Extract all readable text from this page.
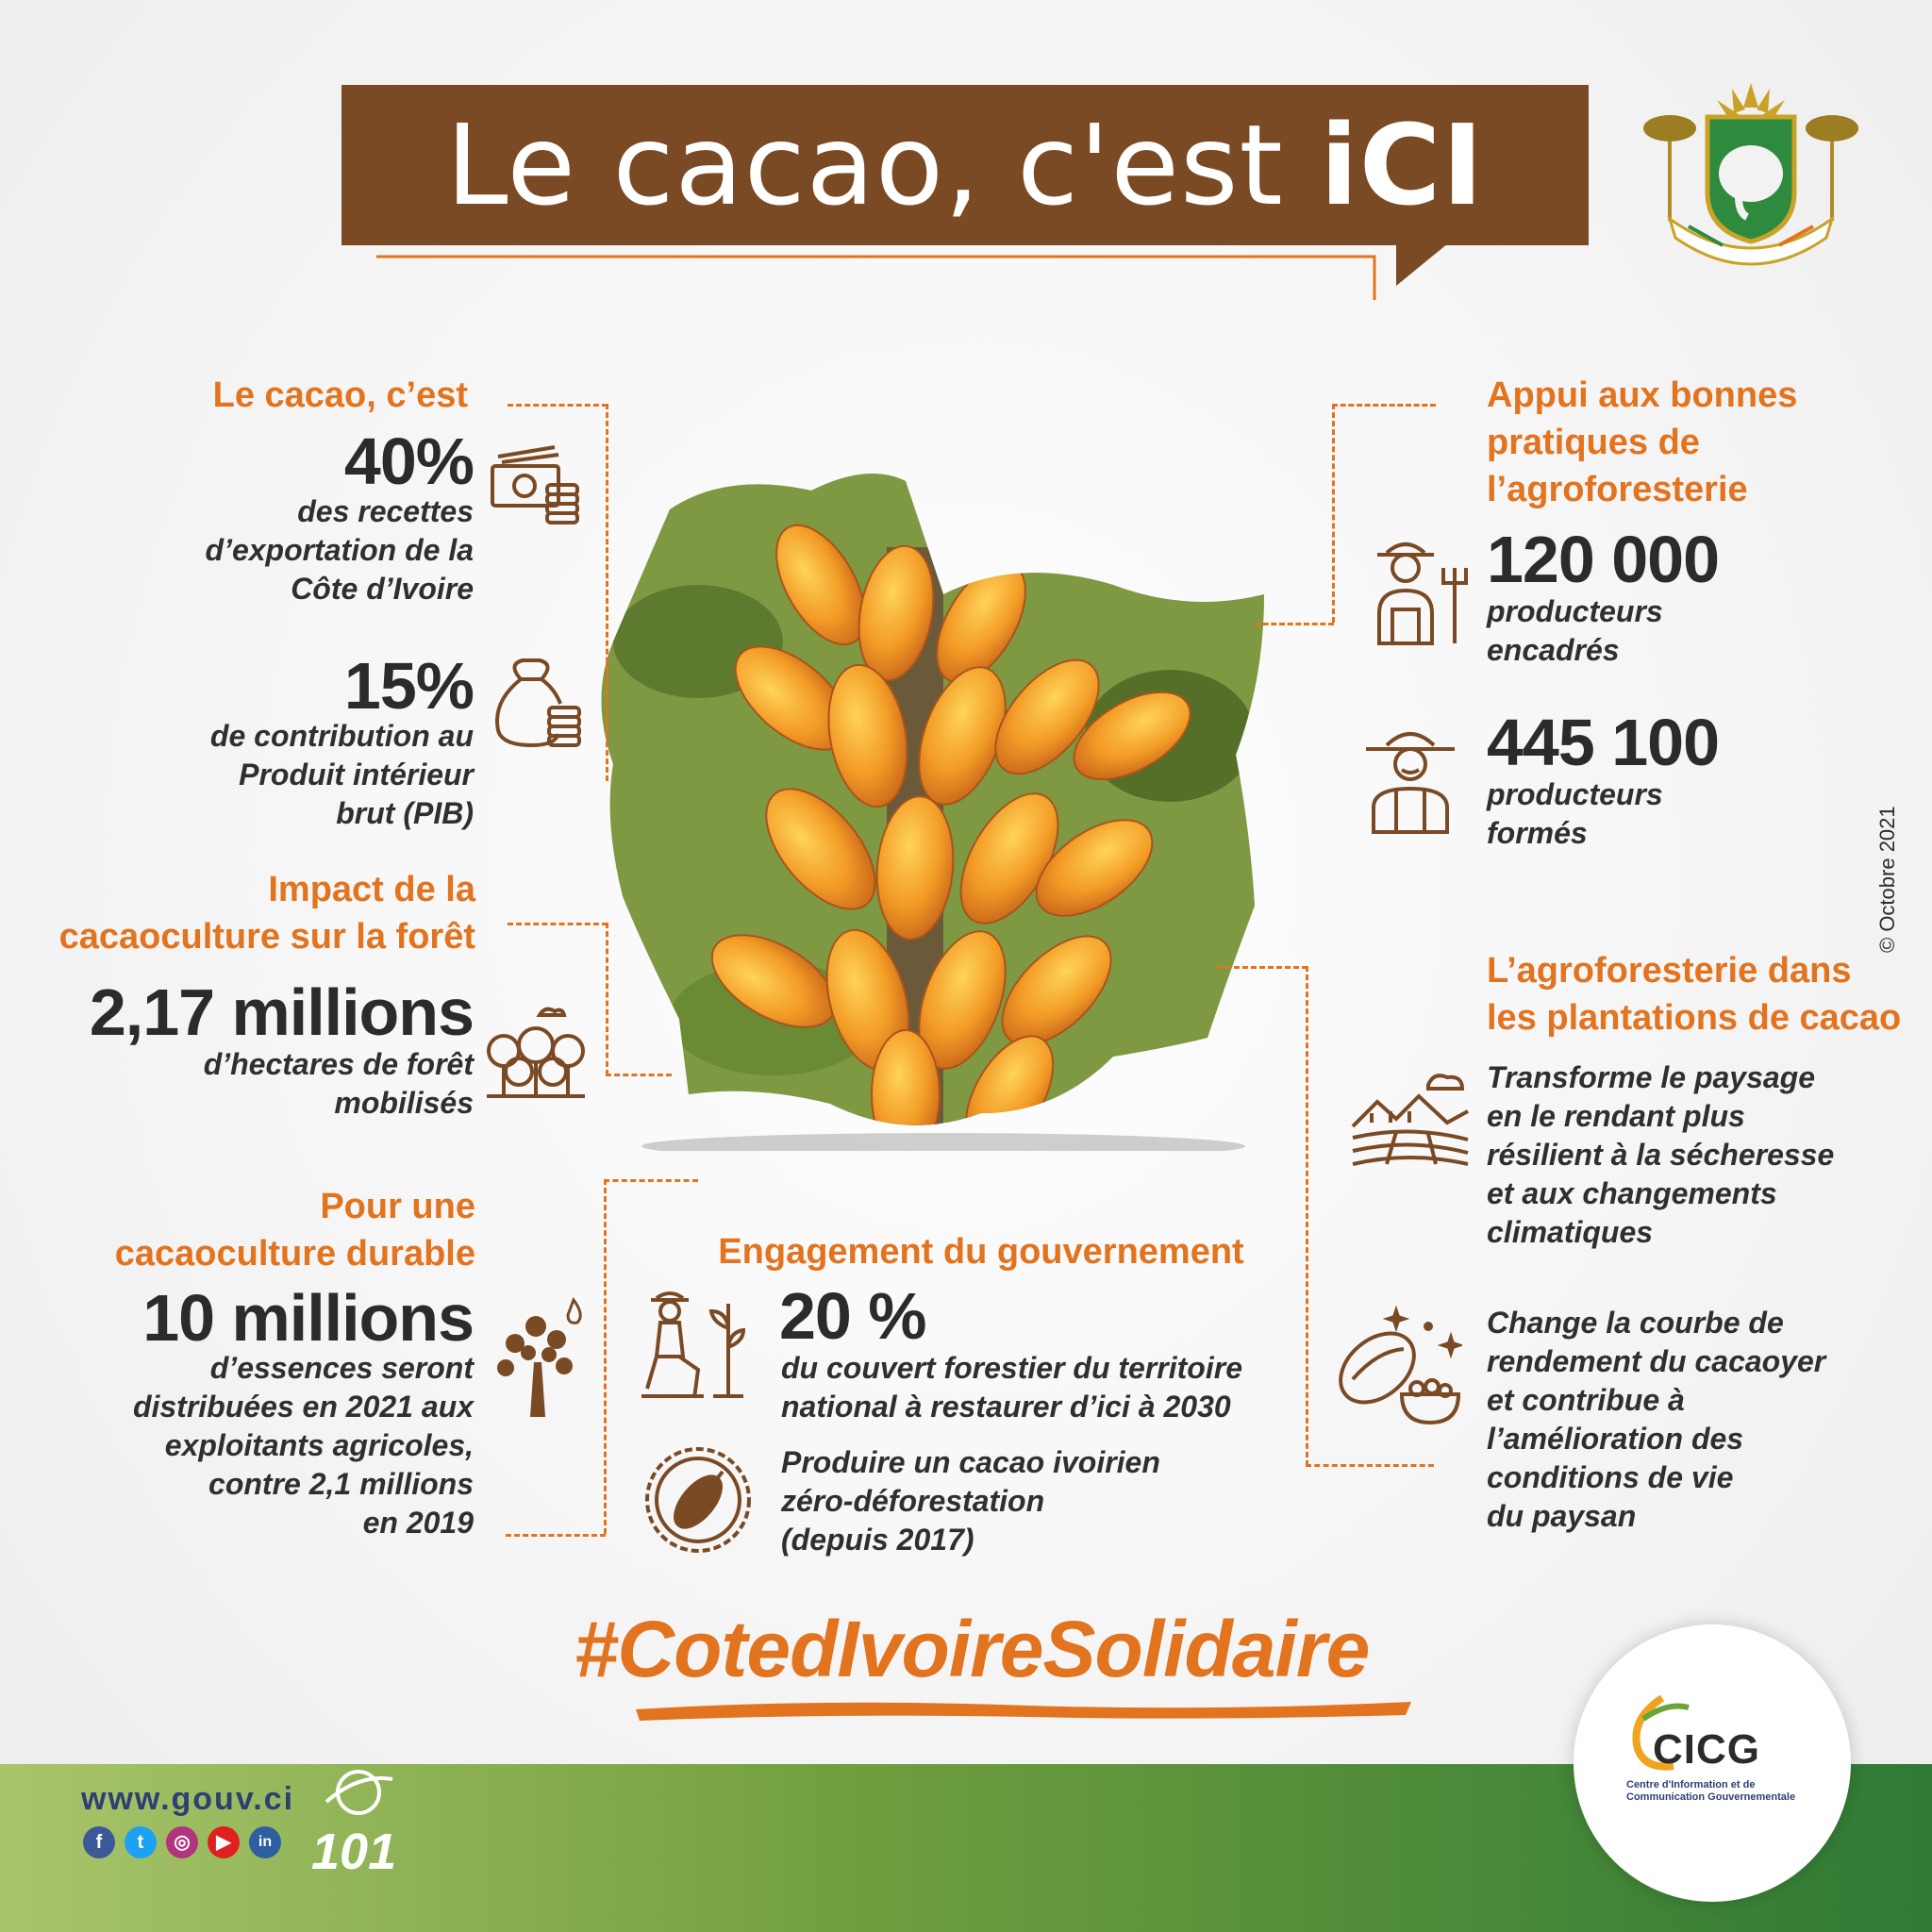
Le cacao, c'est iCI
Le cacao, c’est
40%
des recettes
d’exportation de la
Côte d’Ivoire
15%
de contribution au
Produit intérieur
brut (PIB)
Impact de la
cacaoculture sur la forêt
2,17 millions
d’hectares de forêt
mobilisés
Pour une
cacaoculture durable
10 millions
d’essences seront
distribuées en 2021 aux
exploitants agricoles,
contre 2,1 millions
en 2019
Engagement du gouvernement
20 %
du couvert forestier du territoire
national à restaurer d’ici à 2030
Produire un cacao ivoirien
zéro-déforestation
(depuis 2017)
Appui aux bonnes
pratiques de
l’agroforesterie
120 000
producteurs
encadrés
445 100
producteurs
formés
L’agroforesterie dans
les plantations de cacao
Transforme le paysage
en le rendant plus
résilient à la sécheresse
et aux changements
climatiques
Change la courbe de
rendement du cacaoyer
et contribue à
l’amélioration des
conditions de vie
du paysan
© Octobre 2021
#CotedIvoireSolidaire
www.gouv.ci
f	t	◎	▶	in 101
CICG
Centre d'Information et de
Communication Gouvernementale
